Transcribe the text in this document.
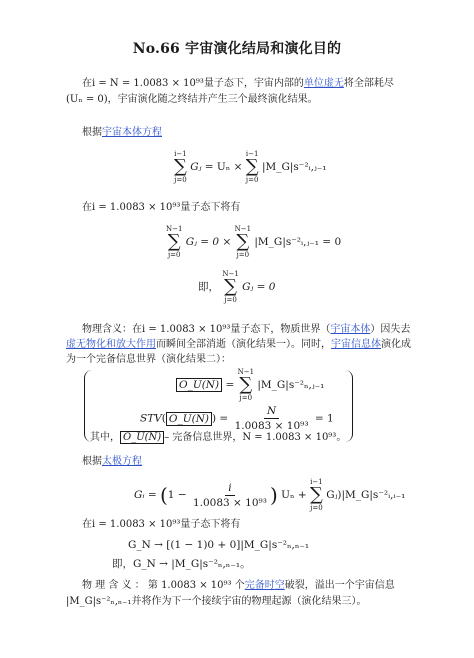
No.66 宇宙演化结局和演化目的
在i = N = 1.0083 × 10⁹³量子态下，宇宙内部的单位虚无将全部耗尽
(Uₙ = 0)，宇宙演化随之终结并产生三个最终演化结果。
根据宇宙本体方程
i−1
∑
j=0
Gⱼ = Uₙ ×
i−1
∑
j=0
|M_G|s⁻²ᵢ,ⱼ₋₁
在i = 1.0083 × 10⁹³量子态下将有
N−1
∑
j=0
Gⱼ = 0 ×
N−1
∑
j=0
|M_G|s⁻²ᵢ,ⱼ₋₁ = 0
即，
N−1
∑
j=0
Gⱼ = 0
物理含义：在i = 1.0083 × 10⁹³量子态下，物质世界（宇宙本体）因失去
虚无物化和放大作用而瞬间全部消逝（演化结果一）。同时，宇宙信息体演化成
为一个完备信息世界（演化结果二）：
O_U(N) =
N−1
∑
j=0
|M_G|s⁻²ₙ,ⱼ₋₁
STV( O_U(N) ) = $\frac{N}{\text{1.0083 × 10⁹³}} = 1$
其中， O_U(N) – 完备信息世界，N = 1.0083 × 10⁹³。
根据太极方程
Gᵢ = ($1 - \frac{i}{\text{1.0083 × 10⁹³}}$ ) Uₙ +
i−1
∑
j=0
Gⱼ)|M_G|s⁻²ᵢ,ᵢ₋₁
在i = 1.0083 × 10⁹³量子态下将有
G_N → [(1 − 1)0 + 0]|M_G|s⁻²ₙ,ₙ₋₁
即，G_N → |M_G|s⁻²ₙ,ₙ₋₁。
物 理 含 义 ： 第 1.0083 × 10⁹³ 个完备时空破裂，溢出一个宇宙信息
|M_G|s⁻²ₙ,ₙ₋₁并将作为下一个接续宇宙的物理起源（演化结果三）。
